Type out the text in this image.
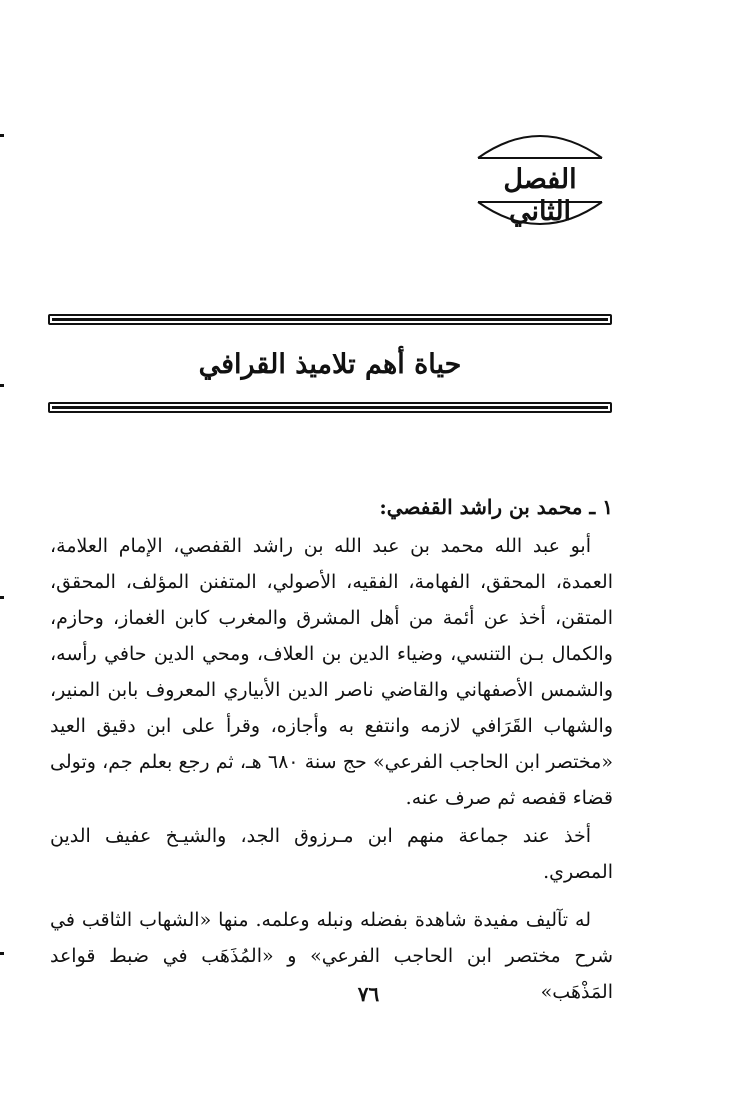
الفصل الثاني
حياة أهم تلاميذ القرافي
١ ـ محمد بن راشد القفصي:

أبو عبد الله محمد بن عبد الله بن راشد القفصي، الإمام العلامة، العمدة، المحقق، الفهامة، الفقيه، الأصولي، المتفنن المؤلف، المحقق، المتقن، أخذ عن أئمة من أهل المشرق والمغرب كابن الغماز، وحازم، والكمال بـن التنسي، وضياء الدين بن العلاف، ومحي الدين حافي رأسه، والشمس الأصفهاني والقاضي ناصر الدين الأبياري المعروف بابن المنير، والشهاب القَرَافي لازمه وانتفع به وأجازه، وقرأ على ابن دقيق العيد «مختصر ابن الحاجب الفرعي» حج سنة ٦٨٠ هـ، ثم رجع بعلم جم، وتولى قضاء قفصه ثم صرف عنه.

أخذ عند جماعة منهم ابن مـرزوق الجد، والشيـخ عفيف الدين المصري.

له تآليف مفيدة شاهدة بفضله ونبله وعلمه. منها «الشهاب الثاقب في شرح مختصر ابن الحاجب الفرعي» و «المُذَهَب في ضبط قواعد المَذْهَب»

٧٦
